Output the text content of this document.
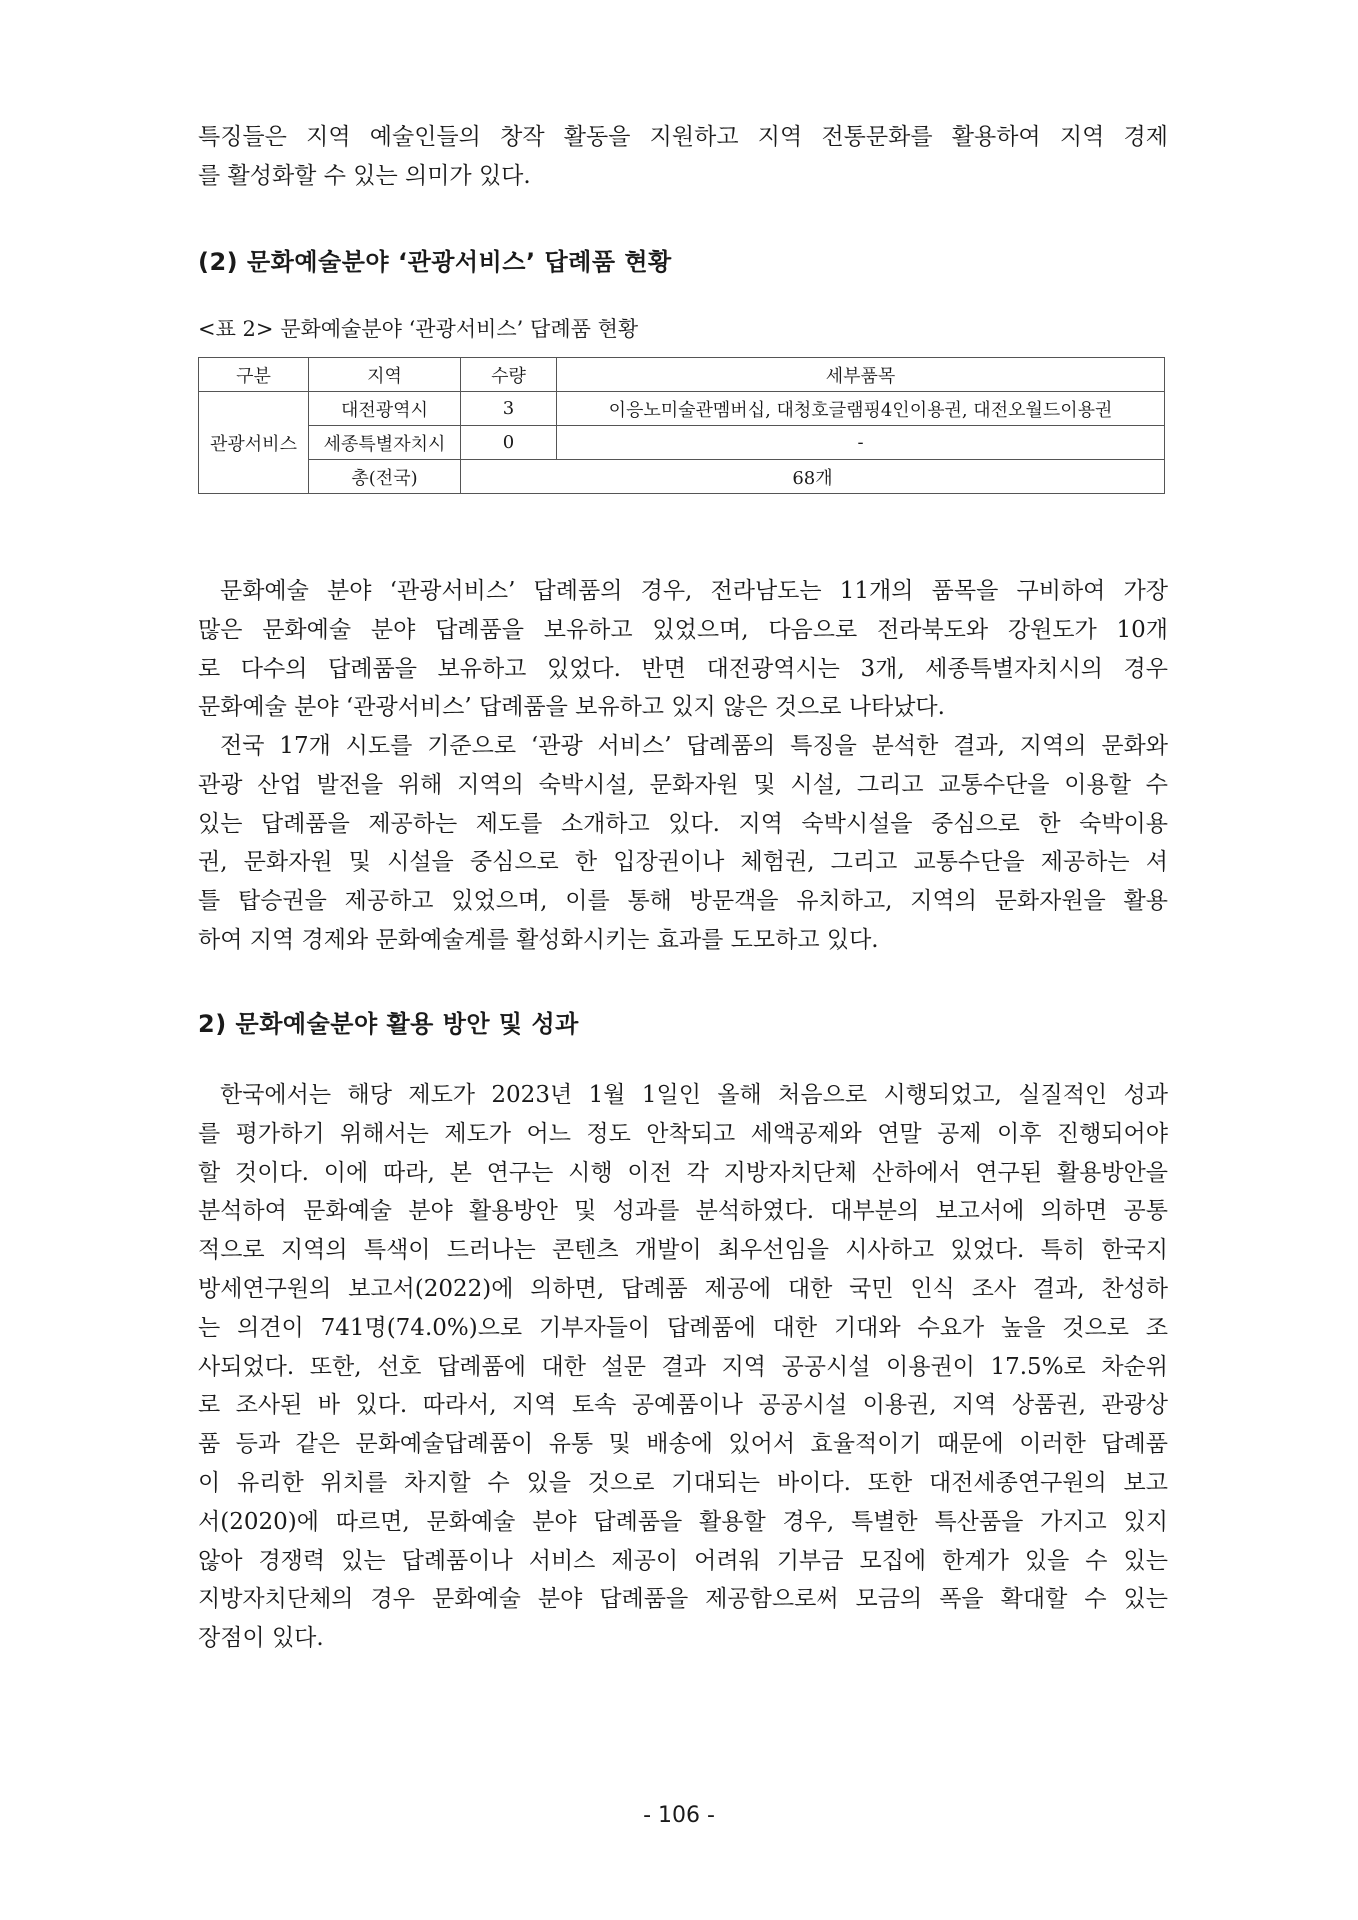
특징들은 지역 예술인들의 창작 활동을 지원하고 지역 전통문화를 활용하여 지역 경제
를 활성화할 수 있는 의미가 있다.
(2) 문화예술분야 ‘관광서비스’ 답례품 현황
<표 2> 문화예술분야 ‘관광서비스’ 답례품 현황
구분	지역	수량	세부품목
관광서비스	대전광역시	3	이응노미술관멤버십, 대청호글램핑4인이용권, 대전오월드이용권
	세종특별자치시	0	-
	총(전국)	68개	
문화예술 분야 ‘관광서비스’ 답례품의 경우, 전라남도는 11개의 품목을 구비하여 가장
많은 문화예술 분야 답례품을 보유하고 있었으며, 다음으로 전라북도와 강원도가 10개
로 다수의 답례품을 보유하고 있었다. 반면 대전광역시는 3개, 세종특별자치시의 경우
문화예술 분야 ‘관광서비스’ 답례품을 보유하고 있지 않은 것으로 나타났다.
전국 17개 시도를 기준으로 ‘관광 서비스’ 답례품의 특징을 분석한 결과, 지역의 문화와
관광 산업 발전을 위해 지역의 숙박시설, 문화자원 및 시설, 그리고 교통수단을 이용할 수
있는 답례품을 제공하는 제도를 소개하고 있다. 지역 숙박시설을 중심으로 한 숙박이용
권, 문화자원 및 시설을 중심으로 한 입장권이나 체험권, 그리고 교통수단을 제공하는 셔
틀 탑승권을 제공하고 있었으며, 이를 통해 방문객을 유치하고, 지역의 문화자원을 활용
하여 지역 경제와 문화예술계를 활성화시키는 효과를 도모하고 있다.
2) 문화예술분야 활용 방안 및 성과
한국에서는 해당 제도가 2023년 1월 1일인 올해 처음으로 시행되었고, 실질적인 성과
를 평가하기 위해서는 제도가 어느 정도 안착되고 세액공제와 연말 공제 이후 진행되어야
할 것이다. 이에 따라, 본 연구는 시행 이전 각 지방자치단체 산하에서 연구된 활용방안을
분석하여 문화예술 분야 활용방안 및 성과를 분석하였다. 대부분의 보고서에 의하면 공통
적으로 지역의 특색이 드러나는 콘텐츠 개발이 최우선임을 시사하고 있었다. 특히 한국지
방세연구원의 보고서(2022)에 의하면, 답례품 제공에 대한 국민 인식 조사 결과, 찬성하
는 의견이 741명(74.0%)으로 기부자들이 답례품에 대한 기대와 수요가 높을 것으로 조
사되었다. 또한, 선호 답례품에 대한 설문 결과 지역 공공시설 이용권이 17.5%로 차순위
로 조사된 바 있다. 따라서, 지역 토속 공예품이나 공공시설 이용권, 지역 상품권, 관광상
품 등과 같은 문화예술답례품이 유통 및 배송에 있어서 효율적이기 때문에 이러한 답례품
이 유리한 위치를 차지할 수 있을 것으로 기대되는 바이다. 또한 대전세종연구원의 보고
서(2020)에 따르면, 문화예술 분야 답례품을 활용할 경우, 특별한 특산품을 가지고 있지
않아 경쟁력 있는 답례품이나 서비스 제공이 어려워 기부금 모집에 한계가 있을 수 있는
지방자치단체의 경우 문화예술 분야 답례품을 제공함으로써 모금의 폭을 확대할 수 있는
장점이 있다.
- 106 -
